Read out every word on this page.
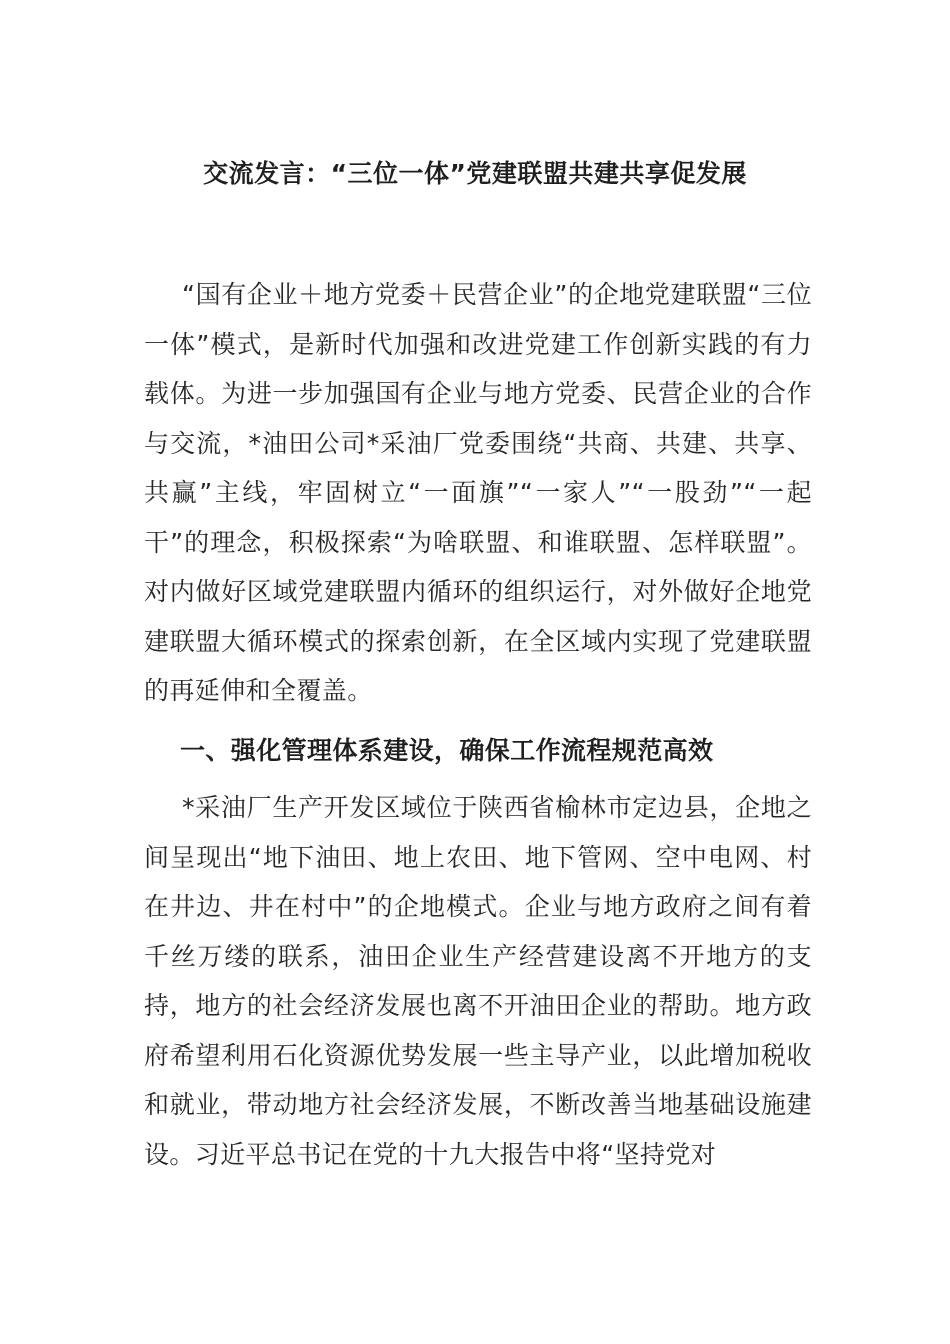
交流发言：“三位一体”党建联盟共建共享促发展
“国有企业＋地方党委＋民营企业”的企地党建联盟“三位一体”模式，是新时代加强和改进党建工作创新实践的有力载体。为进一步加强国有企业与地方党委、民营企业的合作与交流，*油田公司*采油厂党委围绕“共商、共建、共享、共赢”主线，牢固树立“一面旗”“一家人”“一股劲”“一起干”的理念，积极探索“为啥联盟、和谁联盟、怎样联盟”。对内做好区域党建联盟内循环的组织运行，对外做好企地党建联盟大循环模式的探索创新，在全区域内实现了党建联盟的再延伸和全覆盖。
一、强化管理体系建设，确保工作流程规范高效
*采油厂生产开发区域位于陕西省榆林市定边县，企地之间呈现出“地下油田、地上农田、地下管网、空中电网、村在井边、井在村中”的企地模式。企业与地方政府之间有着千丝万缕的联系，油田企业生产经营建设离不开地方的支持，地方的社会经济发展也离不开油田企业的帮助。地方政府希望利用石化资源优势发展一些主导产业，以此增加税收和就业，带动地方社会经济发展，不断改善当地基础设施建设。习近平总书记在党的十九大报告中将“坚持党对
